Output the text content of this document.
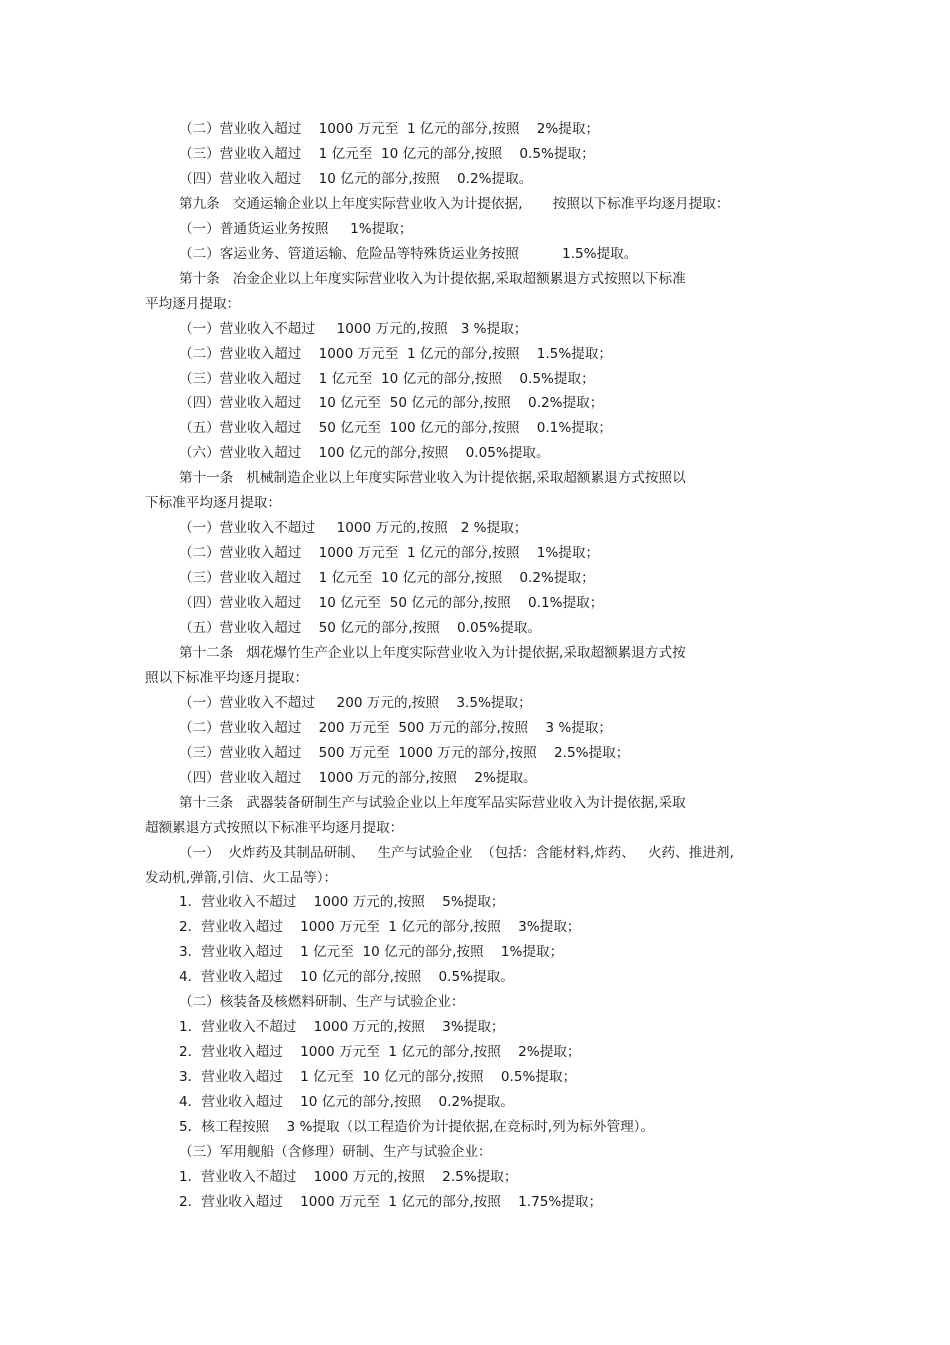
（二）营业收入超过    1000 万元至  1 亿元的部分,按照    2%提取；
（三）营业收入超过    1 亿元至  10 亿元的部分,按照    0.5%提取；
（四）营业收入超过    10 亿元的部分,按照    0.2%提取。
第九条   交通运输企业以上年度实际营业收入为计提依据,       按照以下标准平均逐月提取：
（一）普通货运业务按照     1%提取；
（二）客运业务、管道运输、危险品等特殊货运业务按照          1.5%提取。
第十条   冶金企业以上年度实际营业收入为计提依据,采取超额累退方式按照以下标准
平均逐月提取：
（一）营业收入不超过     1000 万元的,按照   3 %提取；
（二）营业收入超过    1000 万元至  1 亿元的部分,按照    1.5%提取；
（三）营业收入超过    1 亿元至  10 亿元的部分,按照    0.5%提取；
（四）营业收入超过    10 亿元至  50 亿元的部分,按照    0.2%提取；
（五）营业收入超过    50 亿元至  100 亿元的部分,按照    0.1%提取；
（六）营业收入超过    100 亿元的部分,按照    0.05%提取。
第十一条   机械制造企业以上年度实际营业收入为计提依据,采取超额累退方式按照以
下标准平均逐月提取：
（一）营业收入不超过     1000 万元的,按照   2 %提取；
（二）营业收入超过    1000 万元至  1 亿元的部分,按照    1%提取；
（三）营业收入超过    1 亿元至  10 亿元的部分,按照    0.2%提取；
（四）营业收入超过    10 亿元至  50 亿元的部分,按照    0.1%提取；
（五）营业收入超过    50 亿元的部分,按照    0.05%提取。
第十二条   烟花爆竹生产企业以上年度实际营业收入为计提依据,采取超额累退方式按
照以下标准平均逐月提取：
（一）营业收入不超过     200 万元的,按照    3.5%提取；
（二）营业收入超过    200 万元至  500 万元的部分,按照    3 %提取；
（三）营业收入超过    500 万元至  1000 万元的部分,按照    2.5%提取；
（四）营业收入超过    1000 万元的部分,按照    2%提取。
第十三条   武器装备研制生产与试验企业以上年度军品实际营业收入为计提依据,采取
超额累退方式按照以下标准平均逐月提取：
（一）  火炸药及其制品研制、   生产与试验企业  （包括：含能材料,炸药、   火药、推进剂,
发动机,弹箭,引信、火工品等）：
1．营业收入不超过    1000 万元的,按照    5%提取；
2．营业收入超过    1000 万元至  1 亿元的部分,按照    3%提取；
3．营业收入超过    1 亿元至  10 亿元的部分,按照    1%提取；
4．营业收入超过    10 亿元的部分,按照    0.5%提取。
（二）核装备及核燃料研制、生产与试验企业：
1．营业收入不超过    1000 万元的,按照    3%提取；
2．营业收入超过    1000 万元至  1 亿元的部分,按照    2%提取；
3．营业收入超过    1 亿元至  10 亿元的部分,按照    0.5%提取；
4．营业收入超过    10 亿元的部分,按照    0.2%提取。
5．核工程按照    3 %提取（以工程造价为计提依据,在竞标时,列为标外管理）。
（三）军用舰船（含修理）研制、生产与试验企业：
1．营业收入不超过    1000 万元的,按照    2.5%提取；
2．营业收入超过    1000 万元至  1 亿元的部分,按照    1.75%提取；
